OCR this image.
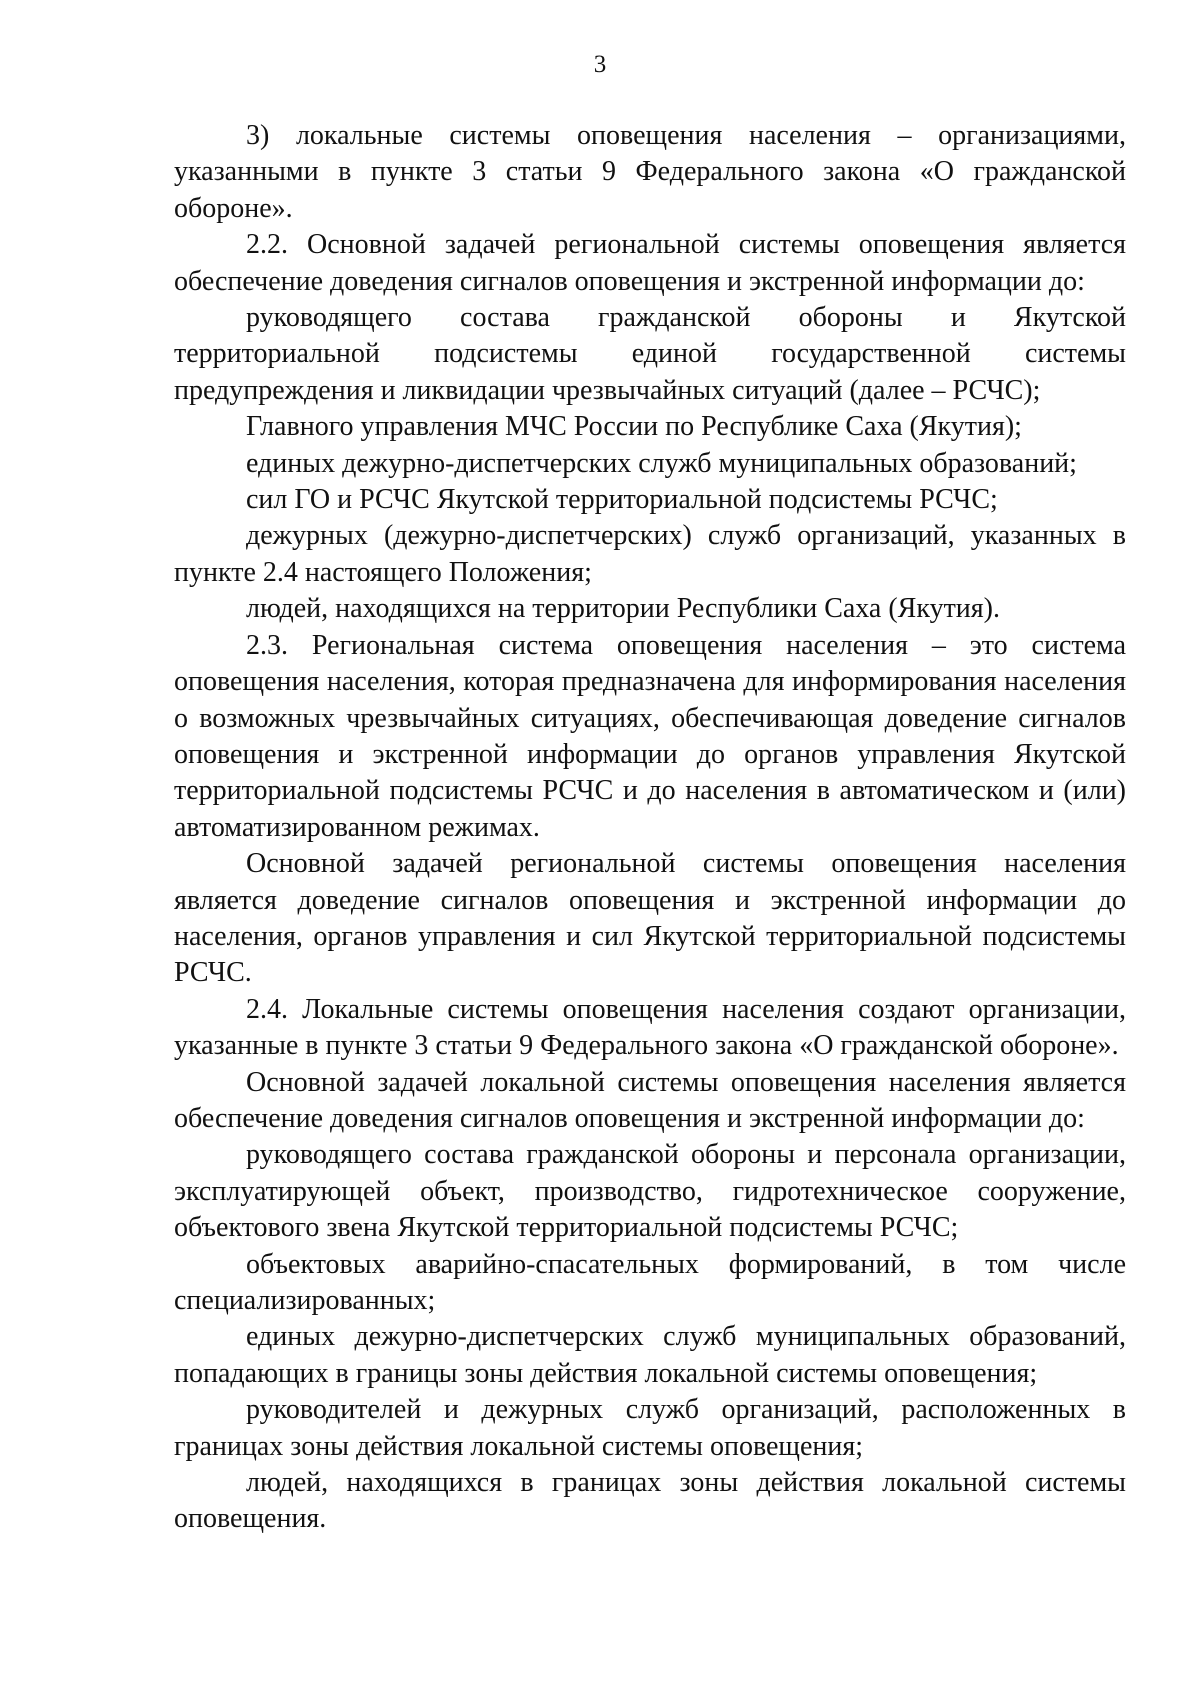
3

3) локальные системы оповещения населения – организациями, указанными в пункте 3 статьи 9 Федерального закона «О гражданской обороне».

2.2. Основной задачей региональной системы оповещения является обеспечение доведения сигналов оповещения и экстренной информации до:

руководящего состава гражданской обороны и Якутской территориальной подсистемы единой государственной системы предупреждения и ликвидации чрезвычайных ситуаций (далее – РСЧС);

Главного управления МЧС России по Республике Саха (Якутия);

единых дежурно-диспетчерских служб муниципальных образований;

сил ГО и РСЧС Якутской территориальной подсистемы РСЧС;

дежурных (дежурно-диспетчерских) служб организаций, указанных в пункте 2.4 настоящего Положения;

людей, находящихся на территории Республики Саха (Якутия).

2.3. Региональная система оповещения населения – это система оповещения населения, которая предназначена для информирования населения о возможных чрезвычайных ситуациях, обеспечивающая доведение сигналов оповещения и экстренной информации до органов управления Якутской территориальной подсистемы РСЧС и до населения в автоматическом и (или) автоматизированном режимах.

Основной задачей региональной системы оповещения населения является доведение сигналов оповещения и экстренной информации до населения, органов управления и сил Якутской территориальной подсистемы РСЧС.

2.4. Локальные системы оповещения населения создают организации, указанные в пункте 3 статьи 9 Федерального закона «О гражданской обороне».

Основной задачей локальной системы оповещения населения является обеспечение доведения сигналов оповещения и экстренной информации до:

руководящего состава гражданской обороны и персонала организации, эксплуатирующей объект, производство, гидротехническое сооружение, объектового звена Якутской территориальной подсистемы РСЧС;

объектовых аварийно-спасательных формирований, в том числе специализированных;

единых дежурно-диспетчерских служб муниципальных образований, попадающих в границы зоны действия локальной системы оповещения;

руководителей и дежурных служб организаций, расположенных в границах зоны действия локальной системы оповещения;

людей, находящихся в границах зоны действия локальной системы оповещения.
